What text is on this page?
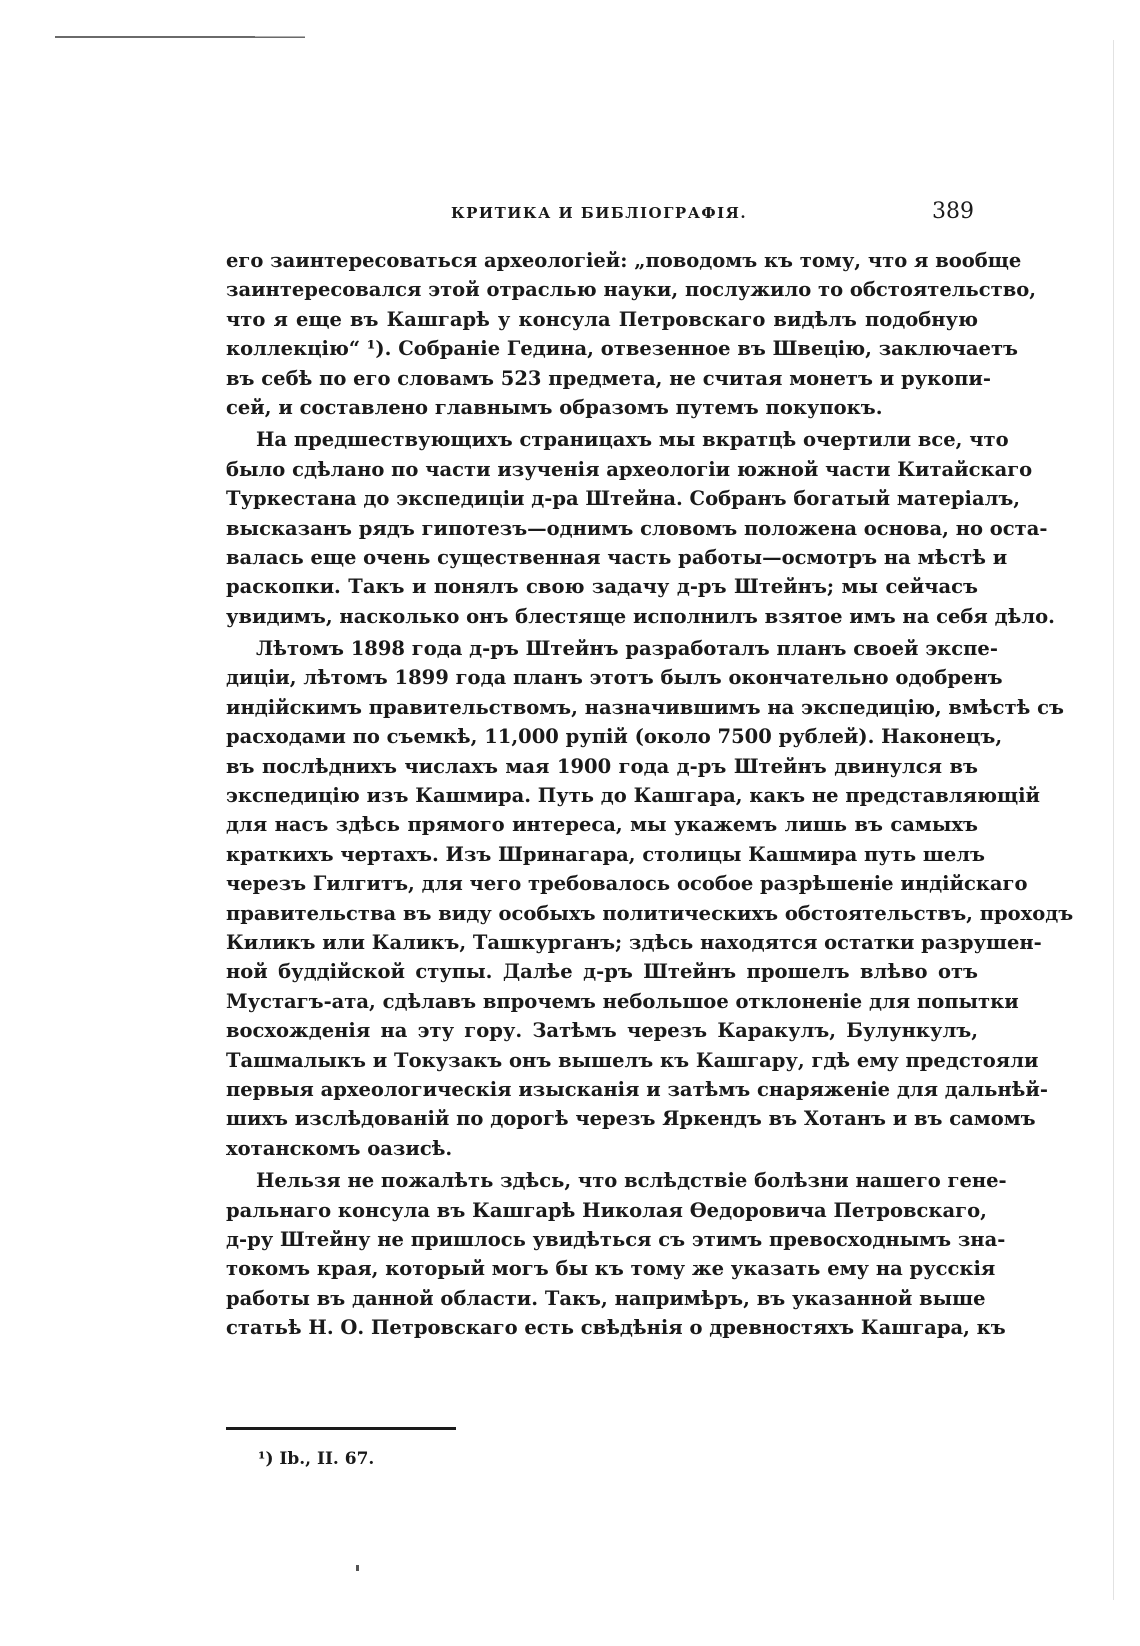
КРИТИКА И БИБЛІОГРАФІЯ.	389
его заинтересоваться археологіей: „поводомъ къ тому, что я вообще
заинтересовался этой отраслью науки, послужило то обстоятельство,
что я еще въ Кашгарѣ у консула Петровскаго видѣлъ подобную
коллекцію“ ¹). Собраніе Гедина, отвезенное въ Швецію, заключаетъ
въ себѣ по его словамъ 523 предмета, не считая монетъ и рукопи-
сей, и составлено главнымъ образомъ путемъ покупокъ.
На предшествующихъ страницахъ мы вкратцѣ очертили все, что
было сдѣлано по части изученія археологіи южной части Китайскаго
Туркестана до экспедиціи д-ра Штейна. Собранъ богатый матеріалъ,
высказанъ рядъ гипотезъ—однимъ словомъ положена основа, но оста-
валась еще очень существенная часть работы—осмотръ на мѣстѣ и
раскопки. Такъ и понялъ свою задачу д-ръ Штейнъ; мы сейчасъ
увидимъ, насколько онъ блестяще исполнилъ взятое имъ на себя дѣло.
Лѣтомъ 1898 года д-ръ Штейнъ разработалъ планъ своей экспе-
диціи, лѣтомъ 1899 года планъ этотъ былъ окончательно одобренъ
индійскимъ правительствомъ, назначившимъ на экспедицію, вмѣстѣ съ
расходами по съемкѣ, 11,000 рупій (около 7500 рублей). Наконецъ,
въ послѣднихъ числахъ мая 1900 года д-ръ Штейнъ двинулся въ
экспедицію изъ Кашмира. Путь до Кашгара, какъ не представляющій
для насъ здѣсь прямого интереса, мы укажемъ лишь въ самыхъ
краткихъ чертахъ. Изъ Шринагара, столицы Кашмира путь шелъ
черезъ Гилгитъ, для чего требовалось особое разрѣшеніе индійскаго
правительства въ виду особыхъ политическихъ обстоятельствъ, проходъ
Киликъ или Каликъ, Ташкурганъ; здѣсь находятся остатки разрушен-
ной буддійской ступы. Далѣе д-ръ Штейнъ прошелъ влѣво отъ
Мустагъ-ата, сдѣлавъ впрочемъ небольшое отклоненіе для попытки
восхожденія на эту гору. Затѣмъ черезъ Каракулъ, Булункулъ,
Ташмалыкъ и Токузакъ онъ вышелъ къ Кашгару, гдѣ ему предстояли
первыя археологическія изысканія и затѣмъ снаряженіе для дальнѣй-
шихъ изслѣдованій по дорогѣ черезъ Яркендъ въ Хотанъ и въ самомъ
хотанскомъ оазисѣ.
Нельзя не пожалѣть здѣсь, что вслѣдствіе болѣзни нашего гене-
ральнаго консула въ Кашгарѣ Николая Ѳедоровича Петровскаго,
д-ру Штейну не пришлось увидѣться съ этимъ превосходнымъ зна-
токомъ края, который могъ бы къ тому же указать ему на русскія
работы въ данной области. Такъ, напримѣръ, въ указанной выше
статьѣ Н. О. Петровскаго есть свѣдѣнія о древностяхъ Кашгара, къ
¹) Ib., II. 67.
